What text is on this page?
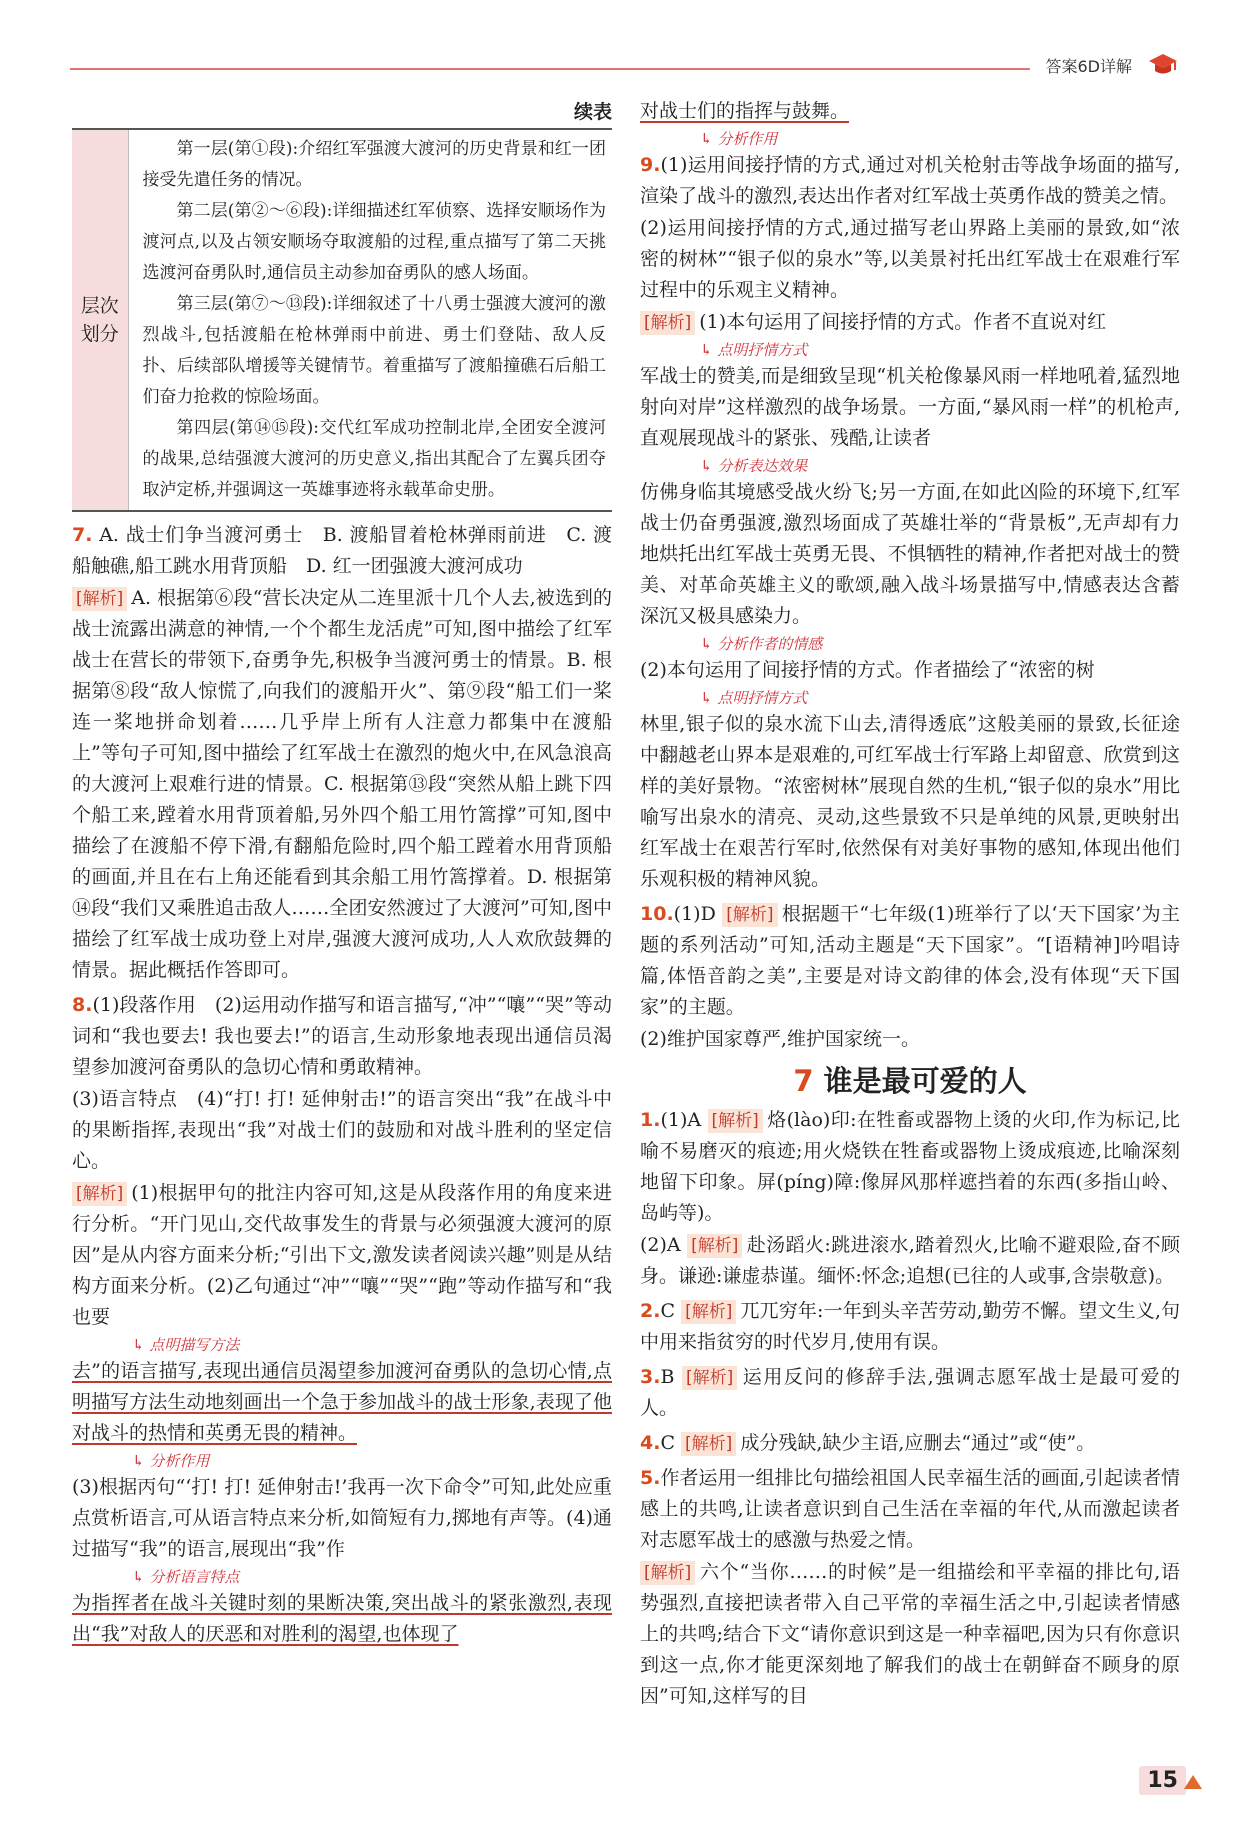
答案6D详解
续表
层次划分	

第一层(第①段):介绍红军强渡大渡河的历史背景和红一团接受先遣任务的情况。

第二层(第②～⑥段):详细描述红军侦察、选择安顺场作为渡河点,以及占领安顺场夺取渡船的过程,重点描写了第二天挑选渡河奋勇队时,通信员主动参加奋勇队的感人场面。

第三层(第⑦～⑬段):详细叙述了十八勇士强渡大渡河的激烈战斗,包括渡船在枪林弹雨中前进、勇士们登陆、敌人反扑、后续部队增援等关键情节。着重描写了渡船撞礁石后船工们奋力抢救的惊险场面。

第四层(第⑭⑮段):交代红军成功控制北岸,全团安全渡河的战果,总结强渡大渡河的历史意义,指出其配合了左翼兵团夺取泸定桥,并强调这一英雄事迹将永载革命史册。

7. A. 战士们争当渡河勇士　B. 渡船冒着枪林弹雨前进　C. 渡船触礁,船工跳水用背顶船　D. 红一团强渡大渡河成功

[解析] A. 根据第⑥段“营长决定从二连里派十几个人去,被选到的战士流露出满意的神情,一个个都生龙活虎”可知,图中描绘了红军战士在营长的带领下,奋勇争先,积极争当渡河勇士的情景。B. 根据第⑧段“敌人惊慌了,向我们的渡船开火”、第⑨段“船工们一桨连一桨地拼命划着……几乎岸上所有人注意力都集中在渡船上”等句子可知,图中描绘了红军战士在激烈的炮火中,在风急浪高的大渡河上艰难行进的情景。C. 根据第⑬段“突然从船上跳下四个船工来,蹚着水用背顶着船,另外四个船工用竹篙撑”可知,图中描绘了在渡船不停下滑,有翻船危险时,四个船工蹚着水用背顶船的画面,并且在右上角还能看到其余船工用竹篙撑着。D. 根据第⑭段“我们又乘胜追击敌人……全团安然渡过了大渡河”可知,图中描绘了红军战士成功登上对岸,强渡大渡河成功,人人欢欣鼓舞的情景。据此概括作答即可。

8.(1)段落作用　(2)运用动作描写和语言描写,“冲”“嚷”“哭”等动词和“我也要去! 我也要去!”的语言,生动形象地表现出通信员渴望参加渡河奋勇队的急切心情和勇敢精神。

(3)语言特点　(4)“打! 打! 延伸射击!”的语言突出“我”在战斗中的果断指挥,表现出“我”对战士们的鼓励和对战斗胜利的坚定信心。

[解析] (1)根据甲句的批注内容可知,这是从段落作用的角度来进行分析。“开门见山,交代故事发生的背景与必须强渡大渡河的原因”是从内容方面来分析;“引出下文,激发读者阅读兴趣”则是从结构方面来分析。(2)乙句通过“冲”“嚷”“哭”“跑”等动作描写和“我也要

↳ 点明描写方法

去”的语言描写,表现出通信员渴望参加渡河奋勇队的急切心情,点明描写方法生动地刻画出一个急于参加战斗的战士形象,表现了他对战斗的热情和英勇无畏的精神。

↳ 分析作用

(3)根据丙句“‘打! 打! 延伸射击!’我再一次下命令”可知,此处应重点赏析语言,可从语言特点来分析,如简短有力,掷地有声等。(4)通过描写“我”的语言,展现出“我”作

↳ 分析语言特点

为指挥者在战斗关键时刻的果断决策,突出战斗的紧张激烈,表现出“我”对敌人的厌恶和对胜利的渴望,也体现了

对战士们的指挥与鼓舞。

↳ 分析作用

9.(1)运用间接抒情的方式,通过对机关枪射击等战争场面的描写,渲染了战斗的激烈,表达出作者对红军战士英勇作战的赞美之情。

(2)运用间接抒情的方式,通过描写老山界路上美丽的景致,如“浓密的树林”“银子似的泉水”等,以美景衬托出红军战士在艰难行军过程中的乐观主义精神。

[解析] (1)本句运用了间接抒情的方式。作者不直说对红

↳ 点明抒情方式

军战士的赞美,而是细致呈现“机关枪像暴风雨一样地吼着,猛烈地射向对岸”这样激烈的战争场景。一方面,“暴风雨一样”的机枪声,直观展现战斗的紧张、残酷,让读者

↳ 分析表达效果

仿佛身临其境感受战火纷飞;另一方面,在如此凶险的环境下,红军战士仍奋勇强渡,激烈场面成了英雄壮举的“背景板”,无声却有力地烘托出红军战士英勇无畏、不惧牺牲的精神,作者把对战士的赞美、对革命英雄主义的歌颂,融入战斗场景描写中,情感表达含蓄深沉又极具感染力。

↳ 分析作者的情感

(2)本句运用了间接抒情的方式。作者描绘了“浓密的树

↳ 点明抒情方式

林里,银子似的泉水流下山去,清得透底”这般美丽的景致,长征途中翻越老山界本是艰难的,可红军战士行军路上却留意、欣赏到这样的美好景物。“浓密树林”展现自然的生机,“银子似的泉水”用比喻写出泉水的清亮、灵动,这些景致不只是单纯的风景,更映射出红军战士在艰苦行军时,依然保有对美好事物的感知,体现出他们乐观积极的精神风貌。

10.(1)D [解析] 根据题干“七年级(1)班举行了以‘天下国家’为主题的系列活动”可知,活动主题是“天下国家”。“[语精神]吟唱诗篇,体悟音韵之美”,主要是对诗文韵律的体会,没有体现“天下国家”的主题。

(2)维护国家尊严,维护国家统一。

7 谁是最可爱的人

1.(1)A [解析] 烙(lào)印:在牲畜或器物上烫的火印,作为标记,比喻不易磨灭的痕迹;用火烧铁在牲畜或器物上烫成痕迹,比喻深刻地留下印象。屏(píng)障:像屏风那样遮挡着的东西(多指山岭、岛屿等)。

(2)A [解析] 赴汤蹈火:跳进滚水,踏着烈火,比喻不避艰险,奋不顾身。谦逊:谦虚恭谨。缅怀:怀念;追想(已往的人或事,含崇敬意)。

2.C [解析] 兀兀穷年:一年到头辛苦劳动,勤劳不懈。望文生义,句中用来指贫穷的时代岁月,使用有误。

3.B [解析] 运用反问的修辞手法,强调志愿军战士是最可爱的人。

4.C [解析] 成分残缺,缺少主语,应删去“通过”或“使”。

5.作者运用一组排比句描绘祖国人民幸福生活的画面,引起读者情感上的共鸣,让读者意识到自己生活在幸福的年代,从而激起读者对志愿军战士的感激与热爱之情。

[解析] 六个“当你……的时候”是一组描绘和平幸福的排比句,语势强烈,直接把读者带入自己平常的幸福生活之中,引起读者情感上的共鸣;结合下文“请你意识到这是一种幸福吧,因为只有你意识到这一点,你才能更深刻地了解我们的战士在朝鲜奋不顾身的原因”可知,这样写的目

15
